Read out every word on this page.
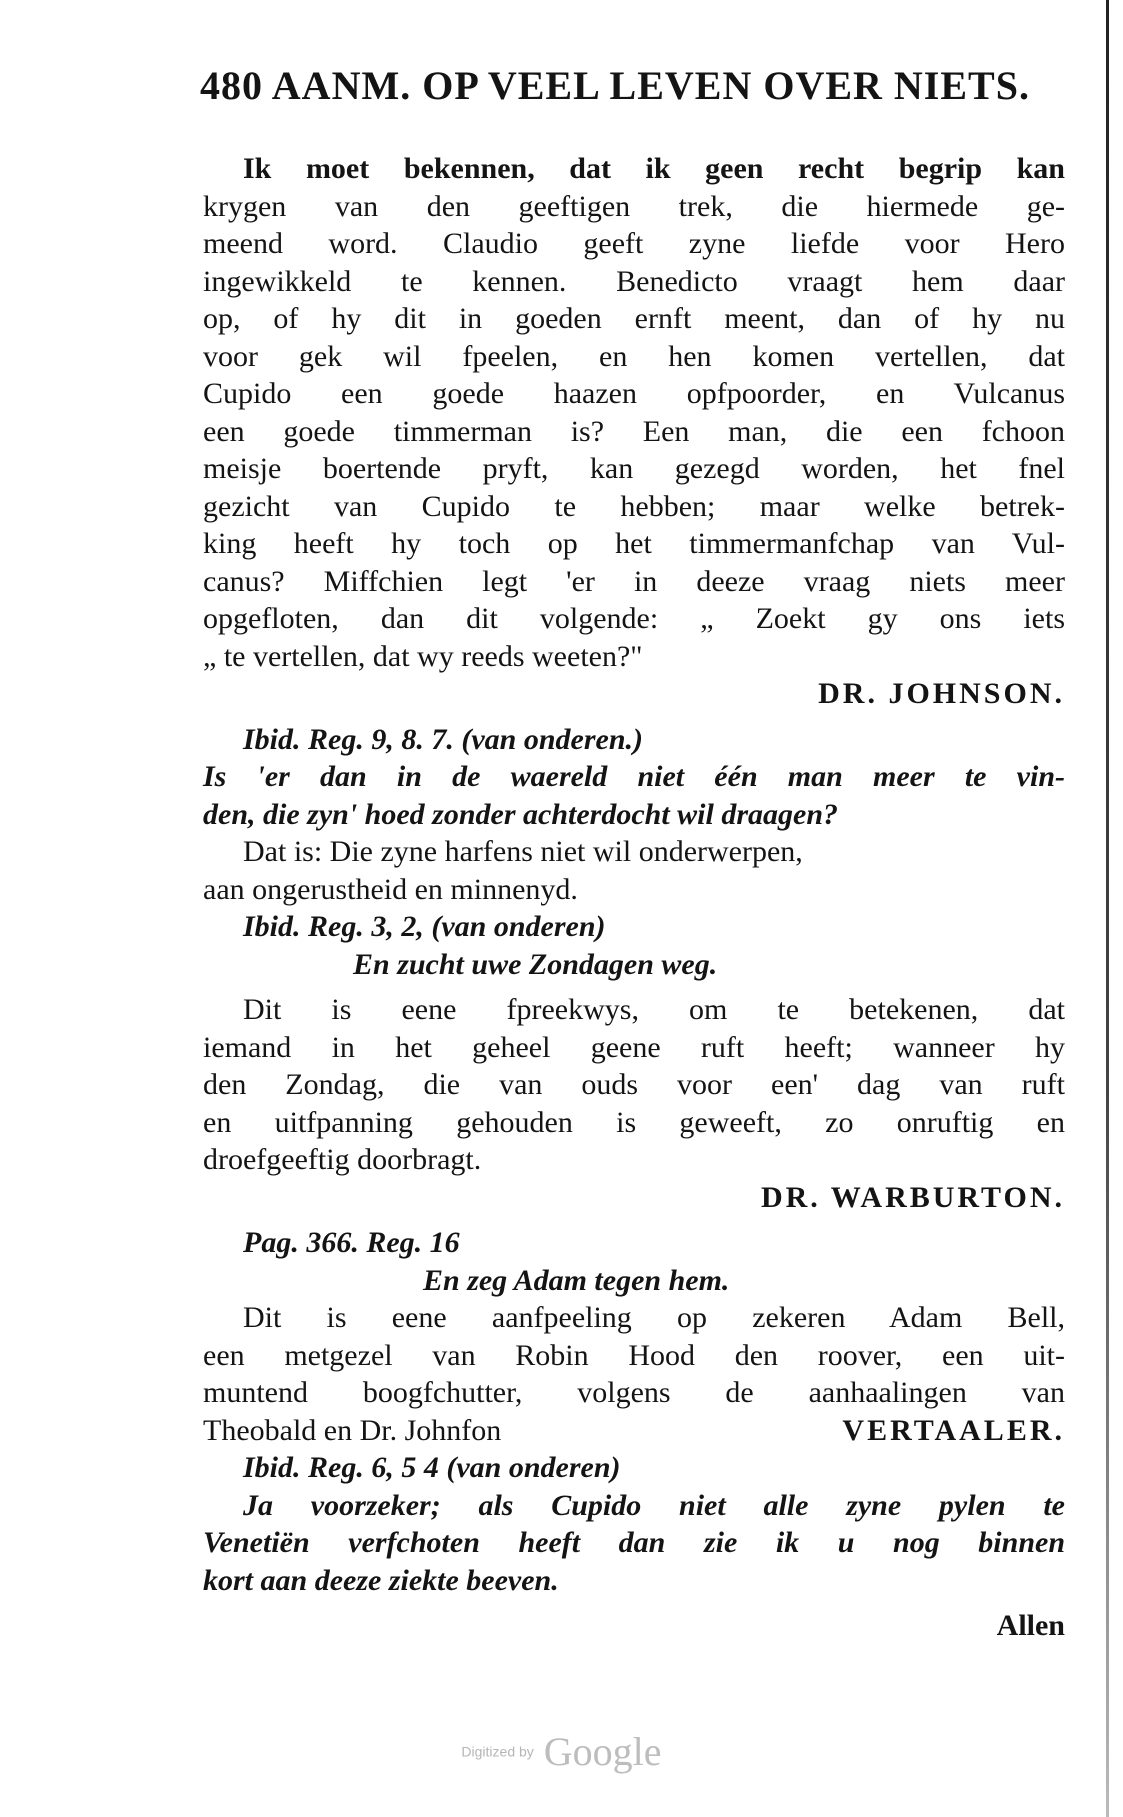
480 AANM. OP VEEL LEVEN OVER NIETS.
Ik moet bekennen, dat ik geen recht begrip kan
krygen van den geeftigen trek, die hiermede ge-
meend word. Claudio geeft zyne liefde voor Hero
ingewikkeld te kennen. Benedicto vraagt hem daar
op, of hy dit in goeden ernft meent, dan of hy nu
voor gek wil fpeelen, en hen komen vertellen, dat
Cupido een goede haazen opfpoorder, en Vulcanus
een goede timmerman is? Een man, die een fchoon
meisje boertende pryft, kan gezegd worden, het fnel
gezicht van Cupido te hebben; maar welke betrek-
king heeft hy toch op het timmermanfchap van Vul-
canus? Miffchien legt 'er in deeze vraag niets meer
opgefloten, dan dit volgende: „ Zoekt gy ons iets
„ te vertellen, dat wy reeds weeten?"
DR. JOHNSON.
Ibid. Reg. 9, 8. 7. (van onderen.)
Is 'er dan in de waereld niet één man meer te vin-
den, die zyn' hoed zonder achterdocht wil draagen?
Dat is: Die zyne harfens niet wil onderwerpen,
aan ongerustheid en minnenyd.
Ibid. Reg. 3, 2, (van onderen)
En zucht uwe Zondagen weg.
Dit is eene fpreekwys, om te betekenen, dat
iemand in het geheel geene ruft heeft; wanneer hy
den Zondag, die van ouds voor een' dag van ruft
en uitfpanning gehouden is geweeft, zo onruftig en
droefgeeftig doorbragt.
DR. WARBURTON.
Pag. 366. Reg. 16
En zeg Adam tegen hem.
Dit is eene aanfpeeling op zekeren Adam Bell,
een metgezel van Robin Hood den roover, een uit-
muntend boogfchutter, volgens de aanhaalingen van
Theobald en Dr. Johnfon	VERTAALER.
Ibid. Reg. 6, 5 4 (van onderen)
Ja voorzeker; als Cupido niet alle zyne pylen te
Venetiën verfchoten heeft dan zie ik u nog binnen
kort aan deeze ziekte beeven.
Allen
Digitized by Google
